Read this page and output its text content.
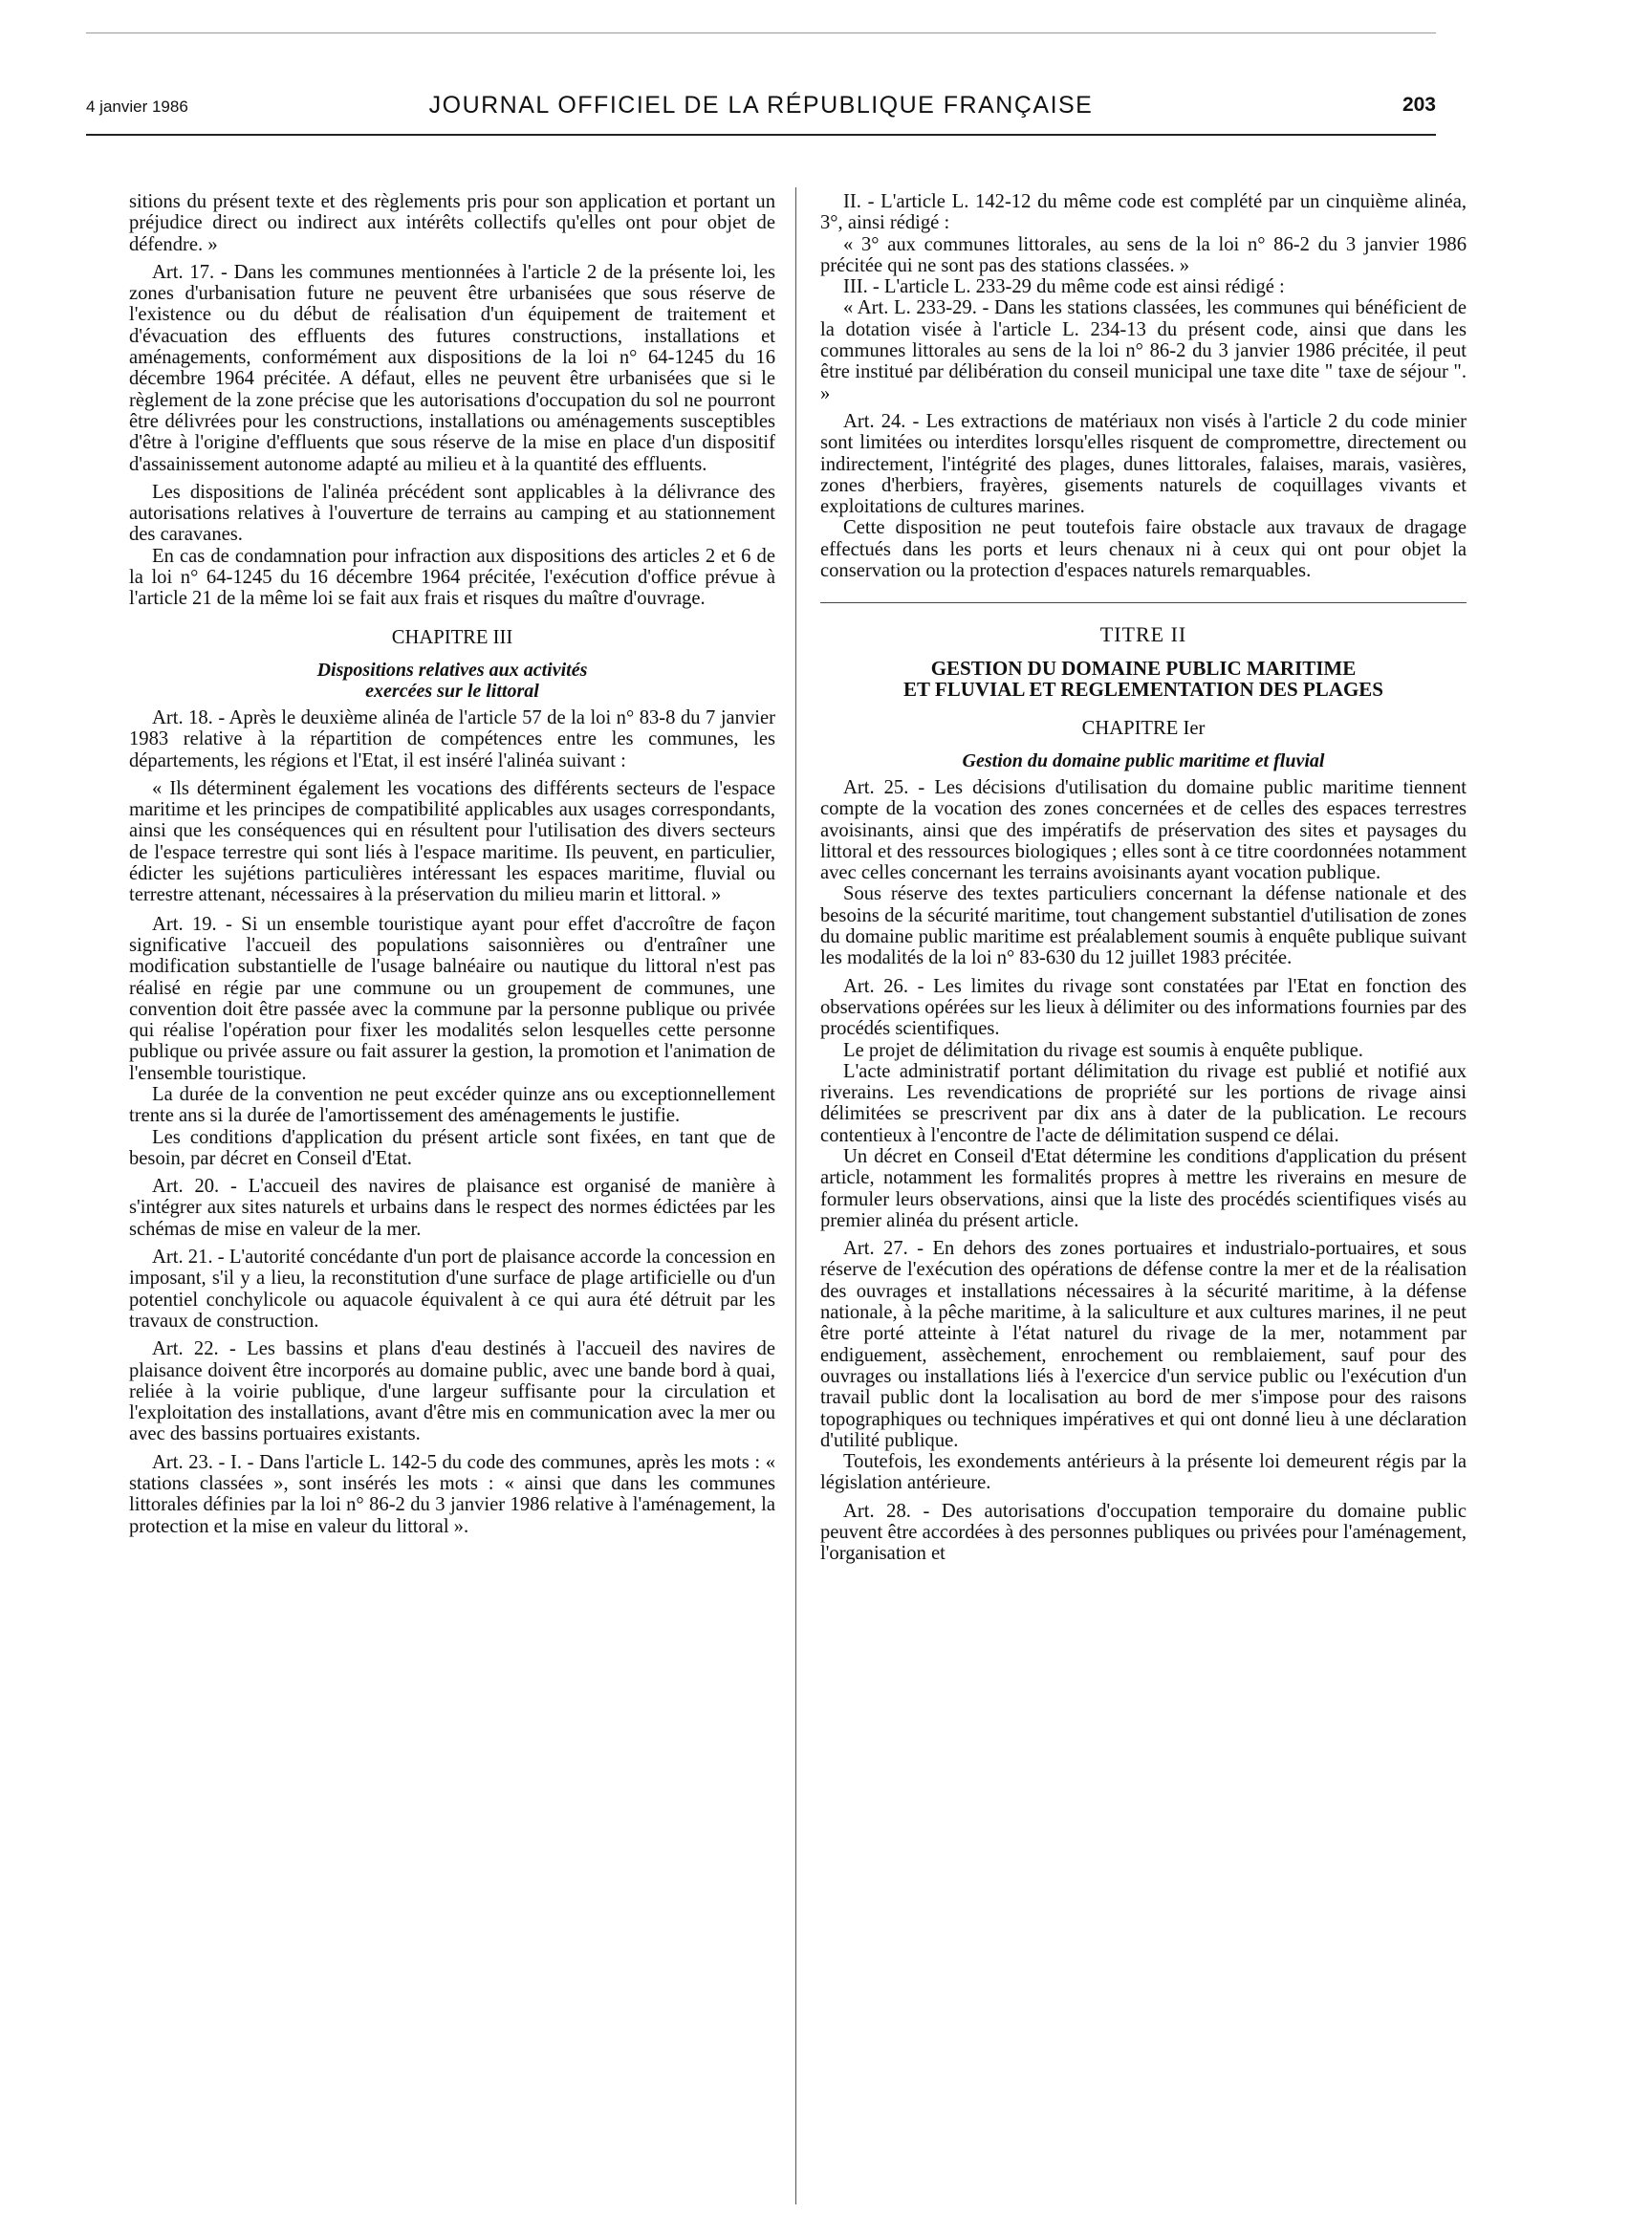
4 janvier 1986	JOURNAL OFFICIEL DE LA RÉPUBLIQUE FRANÇAISE	203

sitions du présent texte et des règlements pris pour son application et portant un préjudice direct ou indirect aux intérêts collectifs qu'elles ont pour objet de défendre. »

Art. 17. - Dans les communes mentionnées à l'article 2 de la présente loi, les zones d'urbanisation future ne peuvent être urbanisées que sous réserve de l'existence ou du début de réalisation d'un équipement de traitement et d'évacuation des effluents des futures constructions, installations et aménagements, conformément aux dispositions de la loi n° 64-1245 du 16 décembre 1964 précitée. A défaut, elles ne peuvent être urbanisées que si le règlement de la zone précise que les autorisations d'occupation du sol ne pourront être délivrées pour les constructions, installations ou aménagements susceptibles d'être à l'origine d'effluents que sous réserve de la mise en place d'un dispositif d'assainissement autonome adapté au milieu et à la quantité des effluents.

Les dispositions de l'alinéa précédent sont applicables à la délivrance des autorisations relatives à l'ouverture de terrains au camping et au stationnement des caravanes.

En cas de condamnation pour infraction aux dispositions des articles 2 et 6 de la loi n° 64-1245 du 16 décembre 1964 précitée, l'exécution d'office prévue à l'article 21 de la même loi se fait aux frais et risques du maître d'ouvrage.

CHAPITRE III
Dispositions relatives aux activités
exercées sur le littoral

Art. 18. - Après le deuxième alinéa de l'article 57 de la loi n° 83-8 du 7 janvier 1983 relative à la répartition de compétences entre les communes, les départements, les régions et l'Etat, il est inséré l'alinéa suivant :

« Ils déterminent également les vocations des différents secteurs de l'espace maritime et les principes de compatibilité applicables aux usages correspondants, ainsi que les conséquences qui en résultent pour l'utilisation des divers secteurs de l'espace terrestre qui sont liés à l'espace maritime. Ils peuvent, en particulier, édicter les sujétions particulières intéressant les espaces maritime, fluvial ou terrestre attenant, nécessaires à la préservation du milieu marin et littoral. »

Art. 19. - Si un ensemble touristique ayant pour effet d'accroître de façon significative l'accueil des populations saisonnières ou d'entraîner une modification substantielle de l'usage balnéaire ou nautique du littoral n'est pas réalisé en régie par une commune ou un groupement de communes, une convention doit être passée avec la commune par la personne publique ou privée qui réalise l'opération pour fixer les modalités selon lesquelles cette personne publique ou privée assure ou fait assurer la gestion, la promotion et l'animation de l'ensemble touristique.

La durée de la convention ne peut excéder quinze ans ou exceptionnellement trente ans si la durée de l'amortissement des aménagements le justifie.

Les conditions d'application du présent article sont fixées, en tant que de besoin, par décret en Conseil d'Etat.

Art. 20. - L'accueil des navires de plaisance est organisé de manière à s'intégrer aux sites naturels et urbains dans le respect des normes édictées par les schémas de mise en valeur de la mer.

Art. 21. - L'autorité concédante d'un port de plaisance accorde la concession en imposant, s'il y a lieu, la reconstitution d'une surface de plage artificielle ou d'un potentiel conchylicole ou aquacole équivalent à ce qui aura été détruit par les travaux de construction.

Art. 22. - Les bassins et plans d'eau destinés à l'accueil des navires de plaisance doivent être incorporés au domaine public, avec une bande bord à quai, reliée à la voirie publique, d'une largeur suffisante pour la circulation et l'exploitation des installations, avant d'être mis en communication avec la mer ou avec des bassins portuaires existants.

Art. 23. - I. - Dans l'article L. 142-5 du code des communes, après les mots : « stations classées », sont insérés les mots : « ainsi que dans les communes littorales définies par la loi n° 86-2 du 3 janvier 1986 relative à l'aménagement, la protection et la mise en valeur du littoral ».

II. - L'article L. 142-12 du même code est complété par un cinquième alinéa, 3°, ainsi rédigé :

« 3° aux communes littorales, au sens de la loi n° 86-2 du 3 janvier 1986 précitée qui ne sont pas des stations classées. »

III. - L'article L. 233-29 du même code est ainsi rédigé :

« Art. L. 233-29. - Dans les stations classées, les communes qui bénéficient de la dotation visée à l'article L. 234-13 du présent code, ainsi que dans les communes littorales au sens de la loi n° 86-2 du 3 janvier 1986 précitée, il peut être institué par délibération du conseil municipal une taxe dite " taxe de séjour ". »

Art. 24. - Les extractions de matériaux non visés à l'article 2 du code minier sont limitées ou interdites lorsqu'elles risquent de compromettre, directement ou indirectement, l'intégrité des plages, dunes littorales, falaises, marais, vasières, zones d'herbiers, frayères, gisements naturels de coquillages vivants et exploitations de cultures marines.

Cette disposition ne peut toutefois faire obstacle aux travaux de dragage effectués dans les ports et leurs chenaux ni à ceux qui ont pour objet la conservation ou la protection d'espaces naturels remarquables.

TITRE II
GESTION DU DOMAINE PUBLIC MARITIME
ET FLUVIAL ET REGLEMENTATION DES PLAGES
CHAPITRE Ier
Gestion du domaine public maritime et fluvial

Art. 25. - Les décisions d'utilisation du domaine public maritime tiennent compte de la vocation des zones concernées et de celles des espaces terrestres avoisinants, ainsi que des impératifs de préservation des sites et paysages du littoral et des ressources biologiques ; elles sont à ce titre coordonnées notamment avec celles concernant les terrains avoisinants ayant vocation publique.

Sous réserve des textes particuliers concernant la défense nationale et des besoins de la sécurité maritime, tout changement substantiel d'utilisation de zones du domaine public maritime est préalablement soumis à enquête publique suivant les modalités de la loi n° 83-630 du 12 juillet 1983 précitée.

Art. 26. - Les limites du rivage sont constatées par l'Etat en fonction des observations opérées sur les lieux à délimiter ou des informations fournies par des procédés scientifiques.

Le projet de délimitation du rivage est soumis à enquête publique.

L'acte administratif portant délimitation du rivage est publié et notifié aux riverains. Les revendications de propriété sur les portions de rivage ainsi délimitées se prescrivent par dix ans à dater de la publication. Le recours contentieux à l'encontre de l'acte de délimitation suspend ce délai.

Un décret en Conseil d'Etat détermine les conditions d'application du présent article, notamment les formalités propres à mettre les riverains en mesure de formuler leurs observations, ainsi que la liste des procédés scientifiques visés au premier alinéa du présent article.

Art. 27. - En dehors des zones portuaires et industrialo-portuaires, et sous réserve de l'exécution des opérations de défense contre la mer et de la réalisation des ouvrages et installations nécessaires à la sécurité maritime, à la défense nationale, à la pêche maritime, à la saliculture et aux cultures marines, il ne peut être porté atteinte à l'état naturel du rivage de la mer, notamment par endiguement, assèchement, enrochement ou remblaiement, sauf pour des ouvrages ou installations liés à l'exercice d'un service public ou l'exécution d'un travail public dont la localisation au bord de mer s'impose pour des raisons topographiques ou techniques impératives et qui ont donné lieu à une déclaration d'utilité publique.

Toutefois, les exondements antérieurs à la présente loi demeurent régis par la législation antérieure.

Art. 28. - Des autorisations d'occupation temporaire du domaine public peuvent être accordées à des personnes publiques ou privées pour l'aménagement, l'organisation et
